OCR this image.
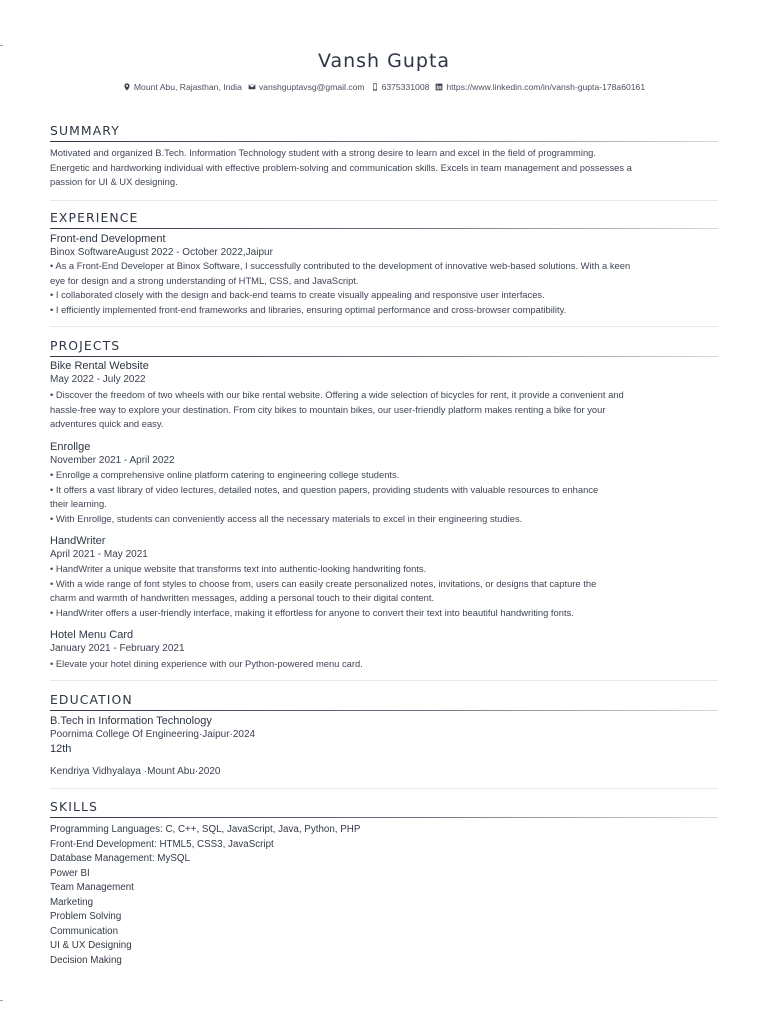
Vansh Gupta
Mount Abu, Rajasthan, India vanshguptavsg@gmail.com 6375331008 https://www.linkedin.com/in/vansh-gupta-178a60161
SUMMARY
Motivated and organized B.Tech. Information Technology student with a strong desire to learn and excel in the field of programming.
Energetic and hardworking individual with effective problem-solving and communication skills. Excels in team management and possesses a
passion for UI & UX designing.
EXPERIENCE
Front-end Development
Binox SoftwareAugust 2022 - October 2022,Jaipur
• As a Front-End Developer at Binox Software, I successfully contributed to the development of innovative web-based solutions. With a keen
eye for design and a strong understanding of HTML, CSS, and JavaScript.
• I collaborated closely with the design and back-end teams to create visually appealing and responsive user interfaces.
• I efficiently implemented front-end frameworks and libraries, ensuring optimal performance and cross-browser compatibility.
PROJECTS
Bike Rental Website
May 2022 - July 2022
• Discover the freedom of two wheels with our bike rental website. Offering a wide selection of bicycles for rent, it provide a convenient and
hassle-free way to explore your destination. From city bikes to mountain bikes, our user-friendly platform makes renting a bike for your
adventures quick and easy.
Enrollge
November 2021 - April 2022
• Enrollge a comprehensive online platform catering to engineering college students.
• It offers a vast library of video lectures, detailed notes, and question papers, providing students with valuable resources to enhance
their learning.
• With Enrollge, students can conveniently access all the necessary materials to excel in their engineering studies.
HandWriter
April 2021 - May 2021
• HandWriter a unique website that transforms text into authentic-looking handwriting fonts.
• With a wide range of font styles to choose from, users can easily create personalized notes, invitations, or designs that capture the
charm and warmth of handwritten messages, adding a personal touch to their digital content.
• HandWriter offers a user-friendly interface, making it effortless for anyone to convert their text into beautiful handwriting fonts.
Hotel Menu Card
January 2021 - February 2021
• Elevate your hotel dining experience with our Python-powered menu card.
EDUCATION
B.Tech in Information Technology
Poornima College Of Engineering·Jaipur·2024
12th
Kendriya Vidhyalaya ·Mount Abu·2020
SKILLS
Programming Languages: C, C++, SQL, JavaScript, Java, Python, PHP
Front-End Development: HTML5, CSS3, JavaScript
Database Management: MySQL
Power BI
Team Management
Marketing
Problem Solving
Communication
UI & UX Designing
Decision Making
